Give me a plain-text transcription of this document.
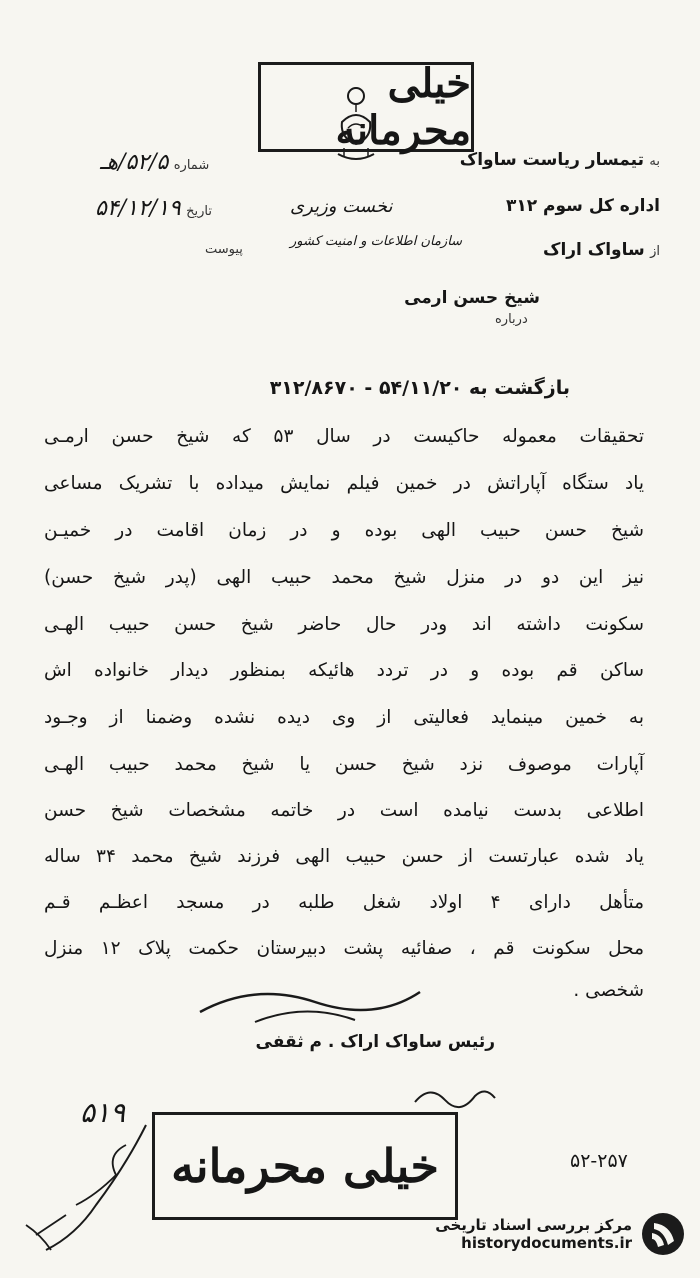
خیلی محرمانه
به تیمسار ریاست ساواک
شماره ۵۲/۵/هـ
اداره کل سوم ۳۱۲
نخست وزیری
تاریخ ۵۴/۱۲/۱۹
از ساواک اراک
سازمان اطلاعات و امنیت کشور
پیوست
شیخ حسن ارمی
درباره
بازگشت به ۵۴/۱۱/۲۰ - ۳۱۲/۸۶۷۰
تحقیقات معموله حاکیست در سال ۵۳ که شیخ حسن ارمـی
یاد ستگاه آپاراتش در خمین فیلم نمایش میداده با تشریک مساعی
شیخ حسن حبیب الهی بوده و در زمان اقامت در خمیـن
نیز این دو در منزل شیخ محمد حبیب الهی (پدر شیخ حسن)
سکونت داشته اند ودر حال حاضر شیخ حسن حبیب الهـی
ساکن قم بوده و در تردد هائیکه بمنظور دیدار خانواده اش
به خمین مینماید فعالیتی از وی دیده نشده وضمنا از وجـود
آپارات موصوف نزد شیخ حسن یا شیخ محمد حبیب الهـی
اطلاعی بدست نیامده است در خاتمه مشخصات شیخ حسن
یاد شده عبارتست از حسن حبیب الهی فرزند شیخ محمد ۳۴ ساله
متأهل دارای ۴ اولاد شغل طلبه در مسجد اعظـم قـم
محل سکونت قم ، صفائیه پشت دبیرستان حکمت پلاک ۱۲ منزل
شخصی .
رئیس ساواک اراک . م ثقفی
خیلی محرمانه
۵۱۹
۵۲-۲۵۷
مرکز بررسی اسناد تاریخی
historydocuments.ir
